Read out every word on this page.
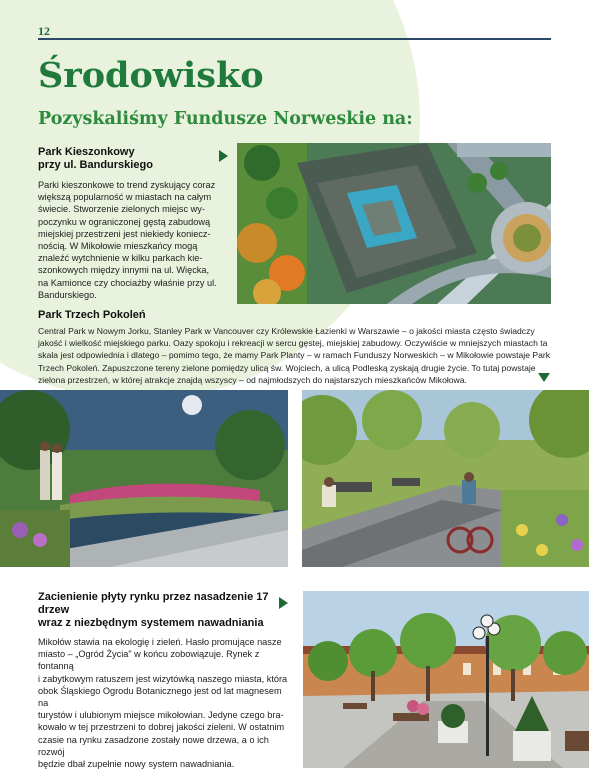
12
Środowisko
Pozyskaliśmy Fundusze Norweskie na:
Park Kieszonkowy
przy ul. Bandurskiego
Parki kieszonkowe to trend zyskujący coraz
większą popularność w miastach na całym
świecie. Stworzenie zielonych miejsc wy-
poczynku w ograniczonej gęstą zabudową
miejskiej przestrzeni jest niekiedy koniecz-
nością. W Mikołowie mieszkańcy mogą
znaleźć wytchnienie w kilku parkach kie-
szonkowych między innymi na ul. Więcka,
na Kamionce czy chociażby właśnie przy ul.
Bandurskiego.
Park Trzech Pokoleń
Central Park w Nowym Jorku, Stanley Park w Vancouver czy Królewskie Łazienki w Warszawie – o jakości miasta często świadczy
jakość i wielkość miejskiego parku. Oazy spokoju i rekreacji w sercu gęstej, miejskiej zabudowy. Oczywiście w mniejszych miastach ta
skala jest odpowiednia i dlatego – pomimo tego, że mamy Park Planty – w ramach Funduszy Norweskich – w Mikołowie powstaje Park
Trzech Pokoleń. Zapuszczone tereny zielone pomiędzy ulicą św. Wojciech, a ulicą Podleską zyskają drugie życie. To tutaj powstaje
zielona przestrzeń, w której atrakcje znajdą wszyscy – od najmłodszych do najstarszych mieszkańców Mikołowa.
Zacienienie płyty rynku przez nasadzenie 17 drzew
wraz z niezbędnym systemem nawadniania
Mikołów stawia na ekologię i zieleń. Hasło promujące nasze
miasto – „Ogród Życia" w końcu zobowiązuje. Rynek z fontanną
i zabytkowym ratuszem jest wizytówką naszego miasta, która
obok Śląskiego Ogrodu Botanicznego jest od lat magnesem na
turystów i ulubionym miejsce mikołowian. Jedyne czego bra-
kowało w tej przestrzeni to dobrej jakości zieleni. W ostatnim
czasie na rynku zasadzone zostały nowe drzewa, a o ich rozwój
będzie dbał zupełnie nowy system nawadniania.
